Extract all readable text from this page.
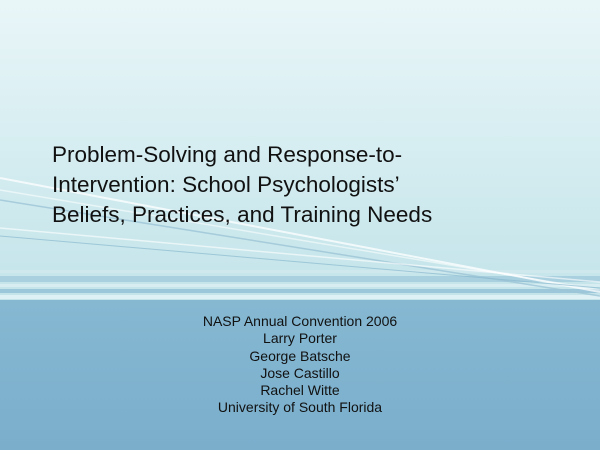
Problem-Solving and Response-to-
Intervention: School Psychologists’
Beliefs, Practices, and Training Needs
NASP Annual Convention 2006
Larry Porter
George Batsche
Jose Castillo
Rachel Witte
University of South Florida
